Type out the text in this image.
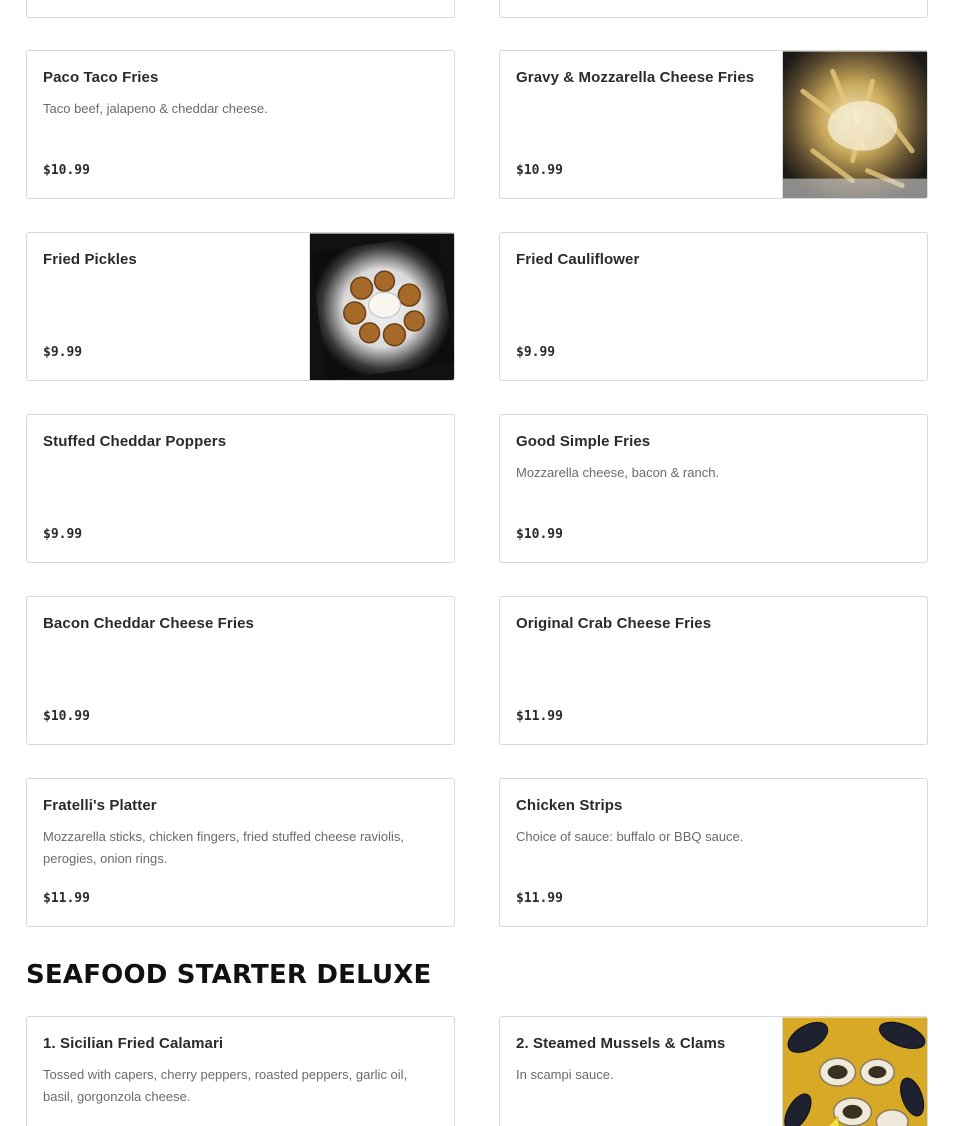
Paco Taco Fries
Taco beef, jalapeno & cheddar cheese.
$10.99
Gravy & Mozzarella Cheese Fries
$10.99
Fried Pickles
$9.99
Fried Cauliflower
$9.99
Stuffed Cheddar Poppers
$9.99
Good Simple Fries
Mozzarella cheese, bacon & ranch.
$10.99
Bacon Cheddar Cheese Fries
$10.99
Original Crab Cheese Fries
$11.99
Fratelli's Platter
Mozzarella sticks, chicken fingers, fried stuffed cheese raviolis, perogies, onion rings.
$11.99
Chicken Strips
Choice of sauce: buffalo or BBQ sauce.
$11.99
SEAFOOD STARTER DELUXE
1. Sicilian Fried Calamari
Tossed with capers, cherry peppers, roasted peppers, garlic oil, basil, gorgonzola cheese.
2. Steamed Mussels & Clams
In scampi sauce.
